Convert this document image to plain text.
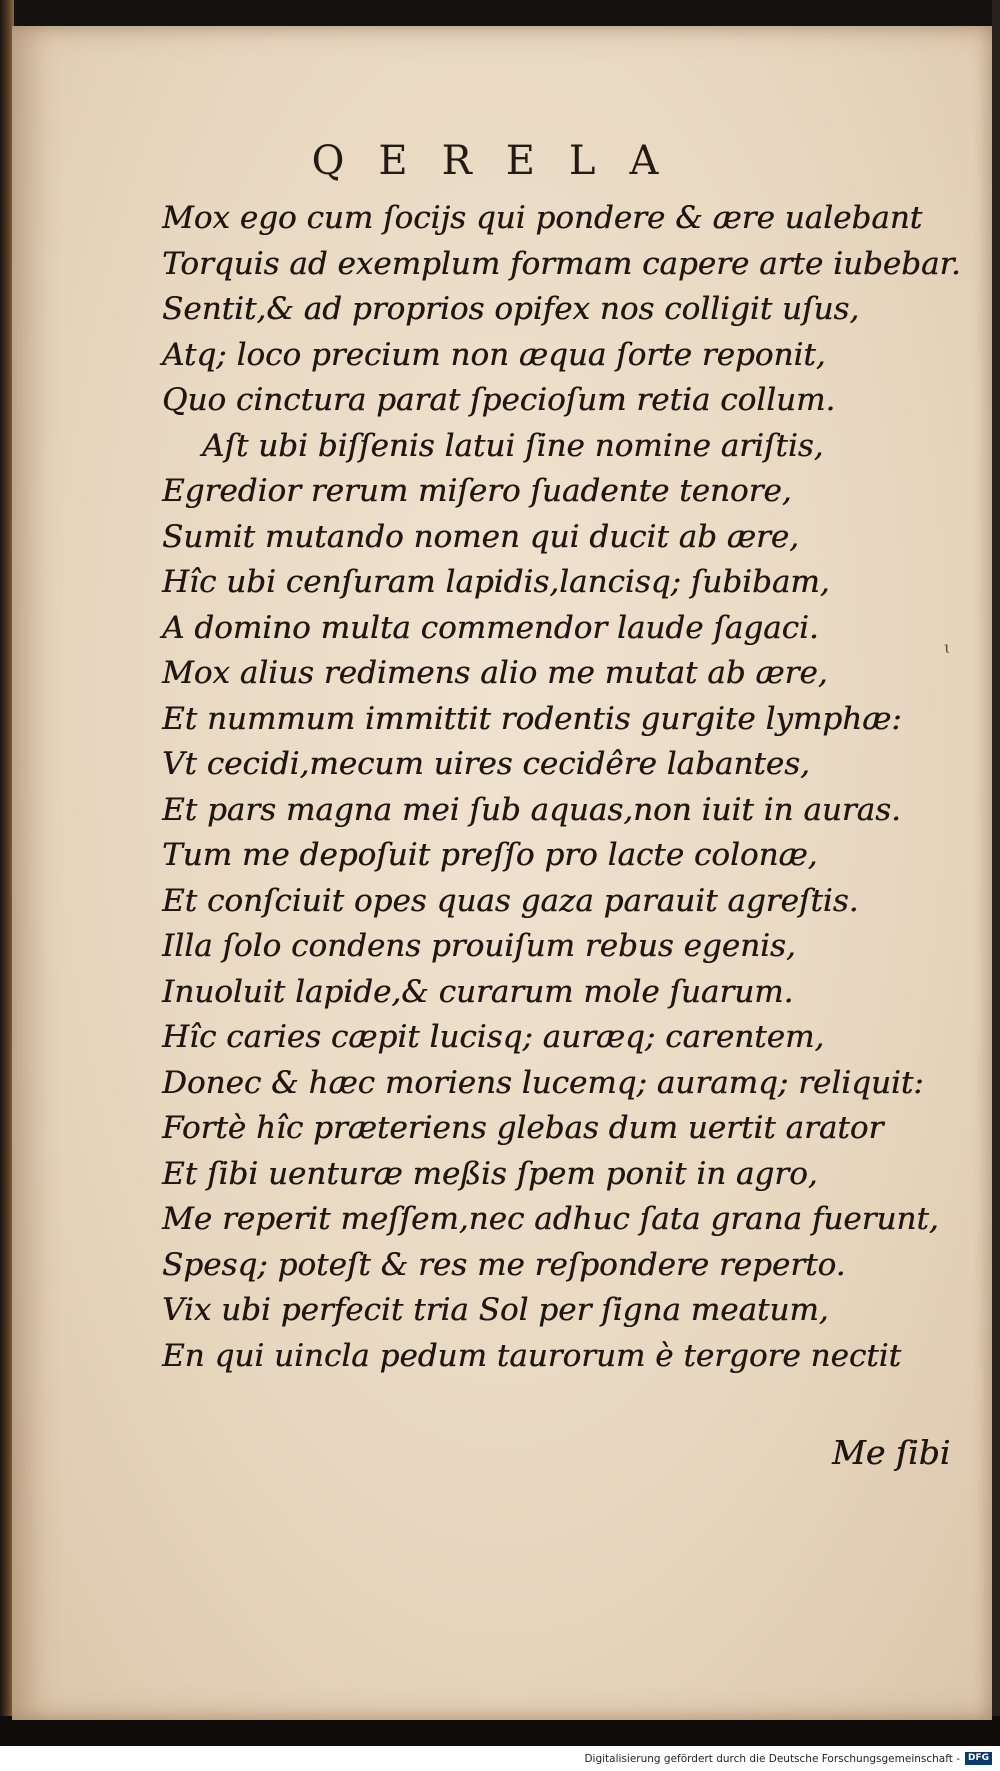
QERELA
Mox ego cum ſocijs qui pondere & ære ualebant
Torquis ad exemplum formam capere arte iubebar.
Sentit,& ad proprios opifex nos colligit uſus,
Atq; loco precium non æqua ſorte reponit,
Quo cinctura parat ſpecioſum retia collum.
Aſt ubi biſſenis latui ſine nomine ariſtis,
Egredior rerum miſero ſuadente tenore,
Sumit mutando nomen qui ducit ab ære,
Hîc ubi cenſuram lapidis,lancisq; ſubibam,
A domino multa commendor laude ſagaci.
Mox alius redimens alio me mutat ab ære,
Et nummum immittit rodentis gurgite lymphæ:
Vt cecidi,mecum uires cecidêre labantes,
Et pars magna mei ſub aquas,non iuit in auras.
Tum me depoſuit preſſo pro lacte colonæ,
Et conſciuit opes quas gaza parauit agreſtis.
Illa ſolo condens prouiſum rebus egenis,
Inuoluit lapide,& curarum mole ſuarum.
Hîc caries cæpit lucisq; auræq; carentem,
Donec & hæc moriens lucemq; auramq; reliquit:
Fortè hîc præteriens glebas dum uertit arator
Et ſibi uenturæ meßis ſpem ponit in agro,
Me reperit meſſem,nec adhuc ſata grana fuerunt,
Spesq; poteſt & res me reſpondere reperto.
Vix ubi perfecit tria Sol per ſigna meatum,
En qui uincla pedum taurorum è tergore nectit
Me ſibi
ɩ
Digitalisierung gefördert durch die Deutsche Forschungsgemeinschaft - DFG
